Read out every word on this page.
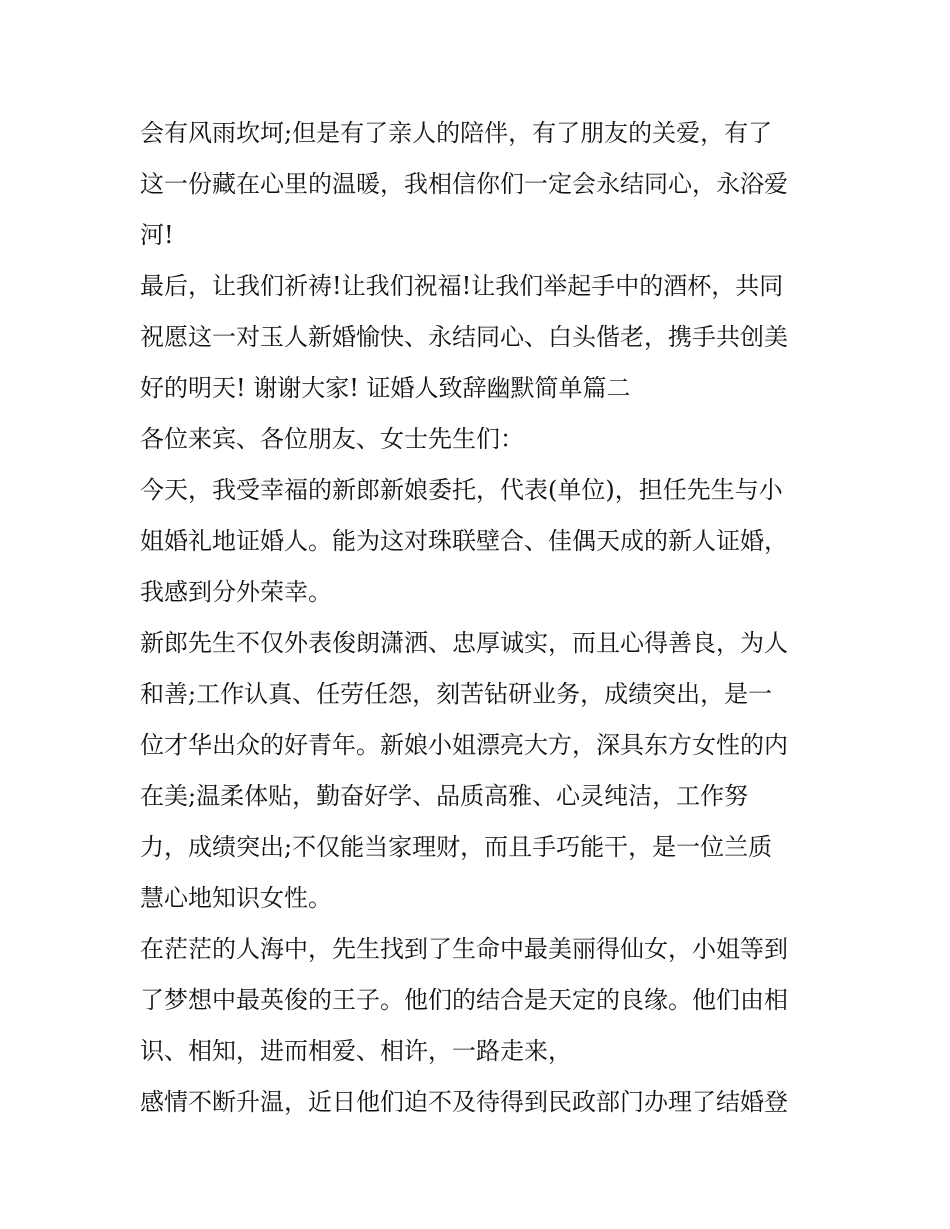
会有风雨坎坷;但是有了亲人的陪伴，有了朋友的关爱，有了
这一份藏在心里的温暖，我相信你们一定会永结同心，永浴爱
河!
最后，让我们祈祷!让我们祝福!让我们举起手中的酒杯，共同
祝愿这一对玉人新婚愉快、永结同心、白头偕老，携手共创美
好的明天! 谢谢大家! 证婚人致辞幽默简单篇二
各位来宾、各位朋友、女士先生们：
今天，我受幸福的新郎新娘委托，代表(单位)，担任先生与小
姐婚礼地证婚人。能为这对珠联壁合、佳偶天成的新人证婚，
我感到分外荣幸。
新郎先生不仅外表俊朗潇洒、忠厚诚实，而且心得善良，为人
和善;工作认真、任劳任怨，刻苦钻研业务，成绩突出，是一
位才华出众的好青年。新娘小姐漂亮大方，深具东方女性的内
在美;温柔体贴，勤奋好学、品质高雅、心灵纯洁，工作努
力，成绩突出;不仅能当家理财，而且手巧能干，是一位兰质
慧心地知识女性。
在茫茫的人海中，先生找到了生命中最美丽得仙女，小姐等到
了梦想中最英俊的王子。他们的结合是天定的良缘。他们由相
识、相知，进而相爱、相许，一路走来，
感情不断升温，近日他们迫不及待得到民政部门办理了结婚登
